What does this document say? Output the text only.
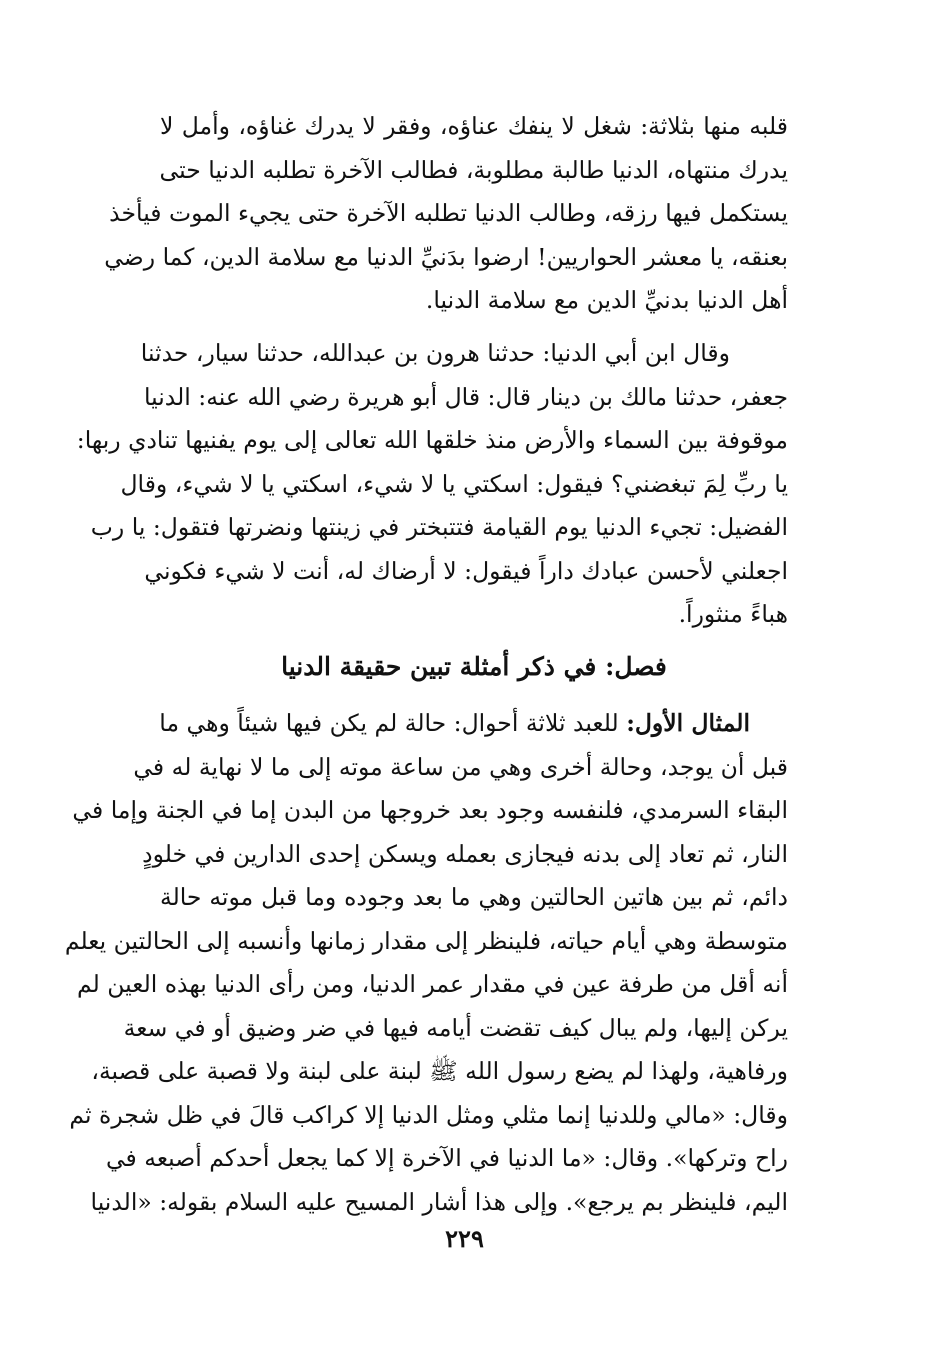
قلبه منها بثلاثة: شغل لا ينفك عناؤه، وفقر لا يدرك غناؤه، وأمل لا
يدرك منتهاه، الدنيا طالبة مطلوبة، فطالب الآخرة تطلبه الدنيا حتى
يستكمل فيها رزقه، وطالب الدنيا تطلبه الآخرة حتى يجيء الموت فيأخذ
بعنقه، يا معشر الحواريين! ارضوا بدَنيِّ الدنيا مع سلامة الدين، كما رضي
أهل الدنيا بدنيِّ الدين مع سلامة الدنيا.
وقال ابن أبي الدنيا: حدثنا هرون بن عبدالله، حدثنا سيار، حدثنا
جعفر، حدثنا مالك بن دينار قال: قال أبو هريرة رضي الله عنه: الدنيا
موقوفة بين السماء والأرض منذ خلقها الله تعالى إلى يوم يفنيها تنادي ربها:
يا ربِّ لِمَ تبغضني؟ فيقول: اسكتي يا لا شيء، اسكتي يا لا شيء، وقال
الفضيل: تجيء الدنيا يوم القيامة فتتبختر في زينتها ونضرتها فتقول: يا رب
اجعلني لأحسن عبادك داراً فيقول: لا أرضاك له، أنت لا شيء فكوني
هباءً منثوراً.
فصل: في ذكر أمثلة تبين حقيقة الدنيا
المثال الأول: للعبد ثلاثة أحوال: حالة لم يكن فيها شيئاً وهي ما
قبل أن يوجد، وحالة أخرى وهي من ساعة موته إلى ما لا نهاية له في
البقاء السرمدي، فلنفسه وجود بعد خروجها من البدن إما في الجنة وإما في
النار، ثم تعاد إلى بدنه فيجازى بعمله ويسكن إحدى الدارين في خلودٍ
دائم، ثم بين هاتين الحالتين وهي ما بعد وجوده وما قبل موته حالة
متوسطة وهي أيام حياته، فلينظر إلى مقدار زمانها وأنسبه إلى الحالتين يعلم
أنه أقل من طرفة عين في مقدار عمر الدنيا، ومن رأى الدنيا بهذه العين لم
يركن إليها، ولم يبال كيف تقضت أيامه فيها في ضر وضيق أو في سعة
ورفاهية، ولهذا لم يضع رسول الله ﷺ لبنة على لبنة ولا قصبة على قصبة،
وقال: «مالي وللدنيا إنما مثلي ومثل الدنيا إلا كراكب قالَ في ظل شجرة ثم
راح وتركها». وقال: «ما الدنيا في الآخرة إلا كما يجعل أحدكم أصبعه في
اليم، فلينظر بم يرجع». وإلى هذا أشار المسيح عليه السلام بقوله: «الدنيا
٢٢٩
